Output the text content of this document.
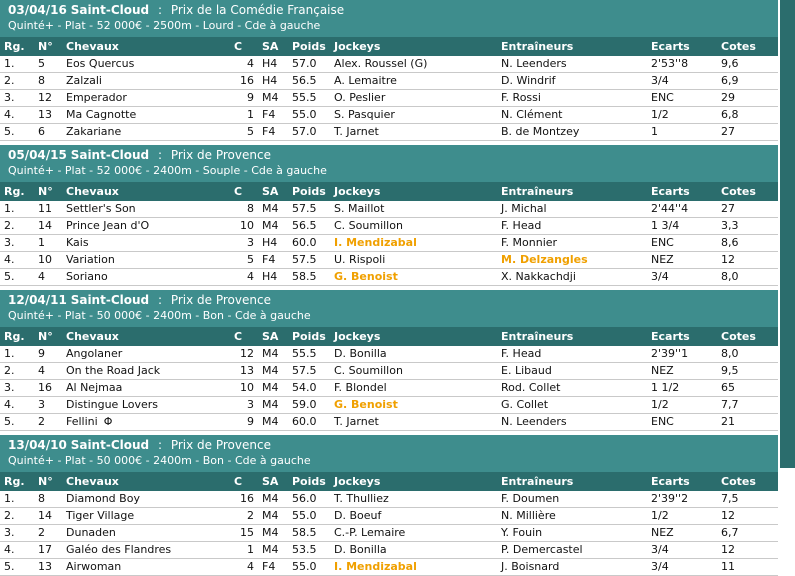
03/04/16 Saint-Cloud : Prix de la Comédie Française
Quinté+ - Plat - 52 000€ - 2500m - Lourd - Cde à gauche
Rg.	N°	Chevaux	C	SA	Poids	Jockeys	Entraîneurs	Ecarts	Cotes
1.	5	Eos Quercus	4	H4	57.0	Alex. Roussel (G)	N. Leenders	2'53''8	9,6
2.	8	Zalzali	16	H4	56.5	A. Lemaitre	D. Windrif	3/4	6,9
3.	12	Emperador	9	M4	55.5	O. Peslier	F. Rossi	ENC	29
4.	13	Ma Cagnotte	1	F4	55.0	S. Pasquier	N. Clément	1/2	6,8
5.	6	Zakariane	5	F4	57.0	T. Jarnet	B. de Montzey	1	27
05/04/15 Saint-Cloud : Prix de Provence
Quinté+ - Plat - 52 000€ - 2400m - Souple - Cde à gauche
Rg.	N°	Chevaux	C	SA	Poids	Jockeys	Entraîneurs	Ecarts	Cotes
1.	11	Settler's Son	8	M4	57.5	S. Maillot	J. Michal	2'44''4	27
2.	14	Prince Jean d'O	10	M4	56.5	C. Soumillon	F. Head	1 3/4	3,3
3.	1	Kais	3	H4	60.0	I. Mendizabal	F. Monnier	ENC	8,6
4.	10	Variation	5	F4	57.5	U. Rispoli	M. Delzangles	NEZ	12
5.	4	Soriano	4	H4	58.5	G. Benoist	X. Nakkachdji	3/4	8,0
12/04/11 Saint-Cloud : Prix de Provence
Quinté+ - Plat - 50 000€ - 2400m - Bon - Cde à gauche
Rg.	N°	Chevaux	C	SA	Poids	Jockeys	Entraîneurs	Ecarts	Cotes
1.	9	Angolaner	12	M4	55.5	D. Bonilla	F. Head	2'39''1	8,0
2.	4	On the Road Jack	13	M4	57.5	C. Soumillon	E. Libaud	NEZ	9,5
3.	16	Al Nejmaa	10	M4	54.0	F. Blondel	Rod. Collet	1 1/2	65
4.	3	Distingue Lovers	3	M4	59.0	G. Benoist	G. Collet	1/2	7,7
5.	2	Fellini Φ	9	M4	60.0	T. Jarnet	N. Leenders	ENC	21
13/04/10 Saint-Cloud : Prix de Provence
Quinté+ - Plat - 50 000€ - 2400m - Bon - Cde à gauche
Rg.	N°	Chevaux	C	SA	Poids	Jockeys	Entraîneurs	Ecarts	Cotes
1.	8	Diamond Boy	16	M4	56.0	T. Thulliez	F. Doumen	2'39''2	7,5
2.	14	Tiger Village	2	M4	55.0	D. Boeuf	N. Millière	1/2	12
3.	2	Dunaden	15	M4	58.5	C.-P. Lemaire	Y. Fouin	NEZ	6,7
4.	17	Galéo des Flandres	1	M4	53.5	D. Bonilla	P. Demercastel	3/4	12
5.	13	Airwoman	4	F4	55.0	I. Mendizabal	J. Boisnard	3/4	11
